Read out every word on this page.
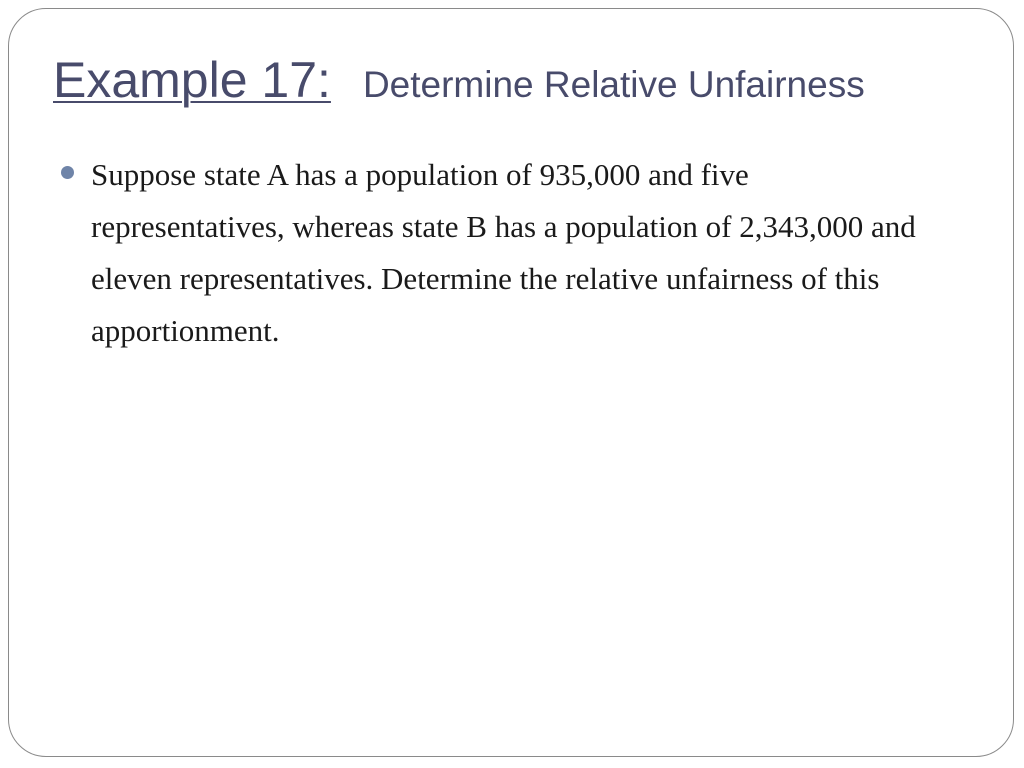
Example 17: Determine Relative Unfairness

Suppose state A has a population of 935,000 and five representatives, whereas state B has a population of 2,343,000 and eleven representatives. Determine the relative unfairness of this apportionment.
